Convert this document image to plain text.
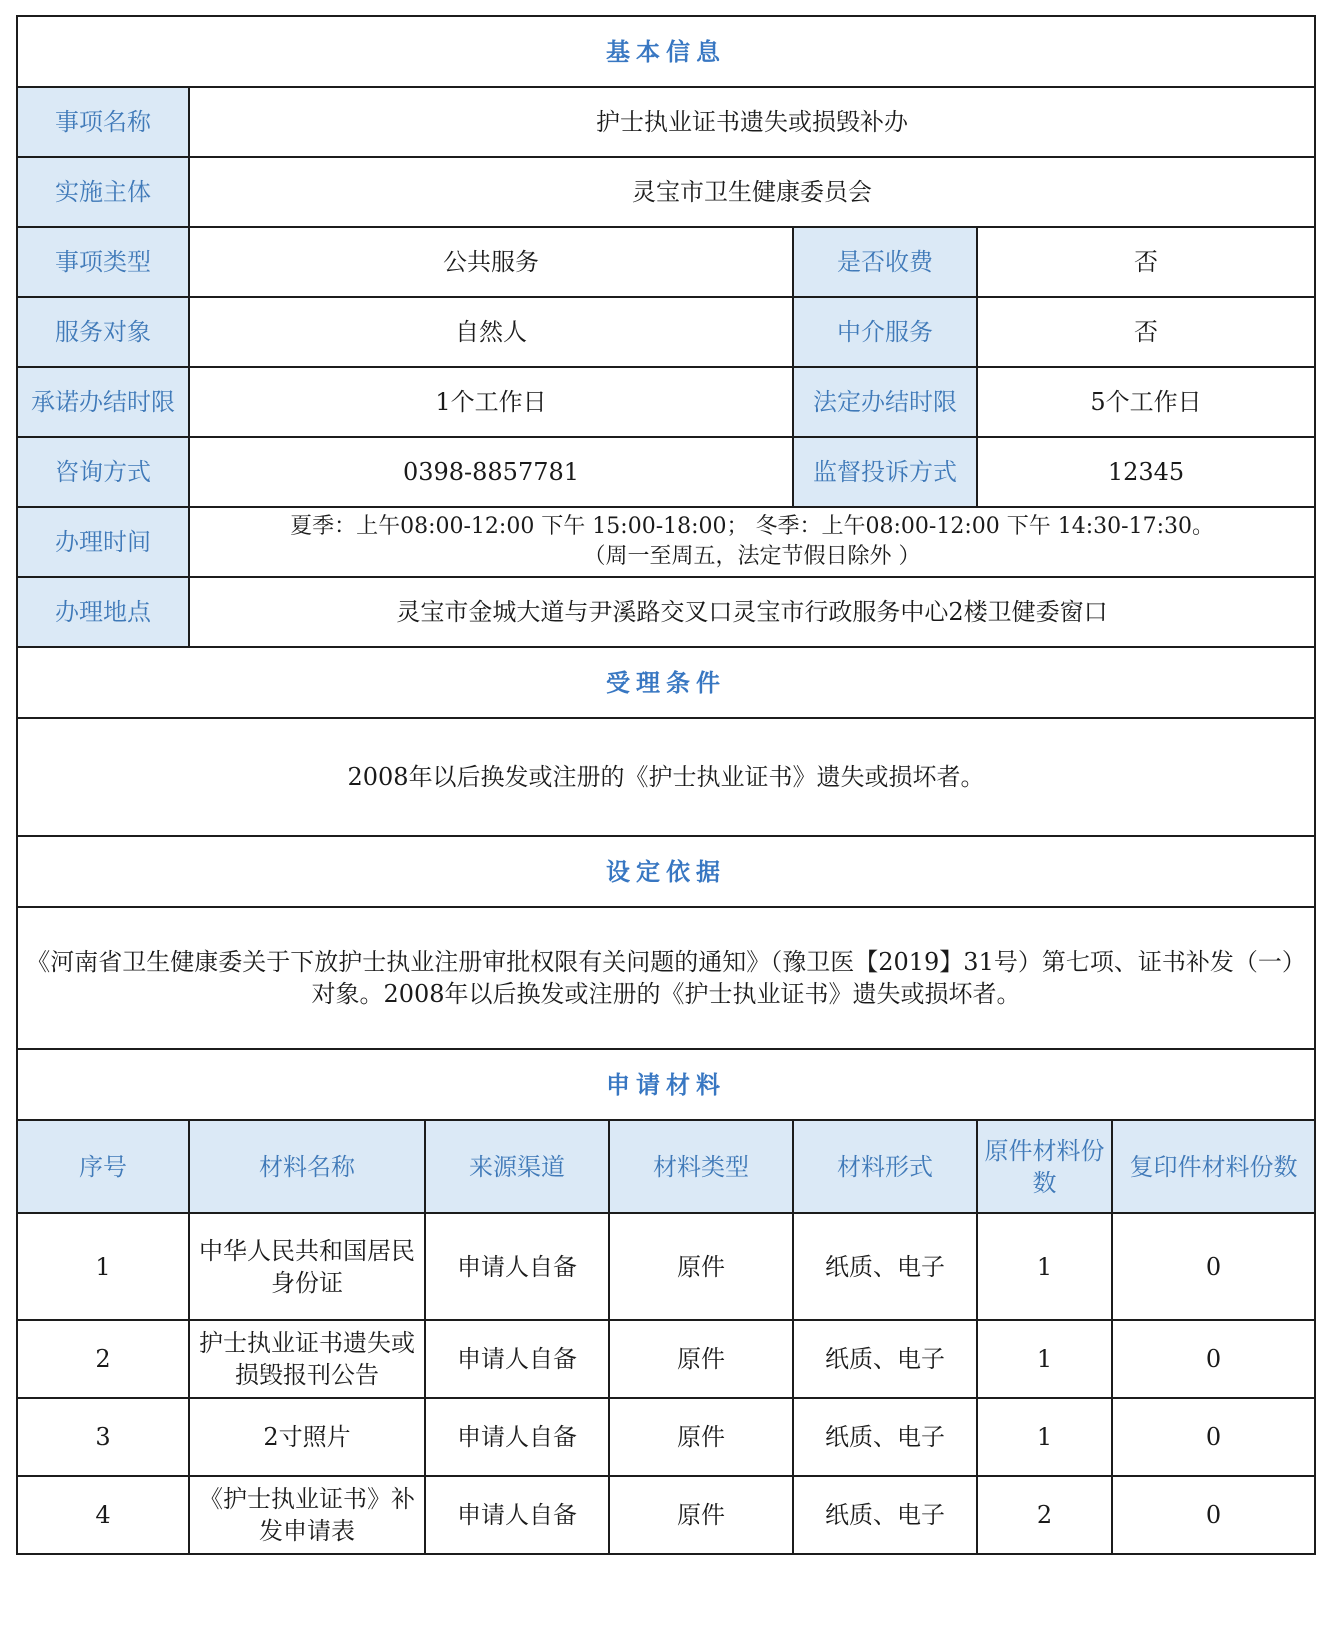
基本信息						
事项名称	护士执业证书遗失或损毁补办					
实施主体	灵宝市卫生健康委员会					
事项类型	公共服务			是否收费	否	
服务对象	自然人			中介服务	否	
承诺办结时限	1个工作日			法定办结时限	5个工作日	
咨询方式	0398-8857781			监督投诉方式	12345	
办理时间	夏季：上午08:00-12:00 下午 15:00-18:00； 冬季：上午08:00-12:00 下午 14:30-17:30。
（周一至周五，法定节假日除外 ）					

办理地点	灵宝市金城大道与尹溪路交叉口灵宝市行政服务中心2楼卫健委窗口					
受理条件						
2008年以后换发或注册的《护士执业证书》遗失或损坏者。						
设定依据						
《河南省卫生健康委关于下放护士执业注册审批权限有关问题的通知》（豫卫医【2019】31号）第七项、证书补发（一）对象。2008年以后换发或注册的《护士执业证书》遗失或损坏者。						
申请材料						
序号	材料名称	来源渠道	材料类型	材料形式	原件材料份数	复印件材料份数
1	中华人民共和国居民身份证	申请人自备	原件	纸质、电子	1	0
2	护士执业证书遗失或损毁报刊公告	申请人自备	原件	纸质、电子	1	0
3	2寸照片	申请人自备	原件	纸质、电子	1	0
4	《护士执业证书》补发申请表	申请人自备	原件	纸质、电子	2	0
